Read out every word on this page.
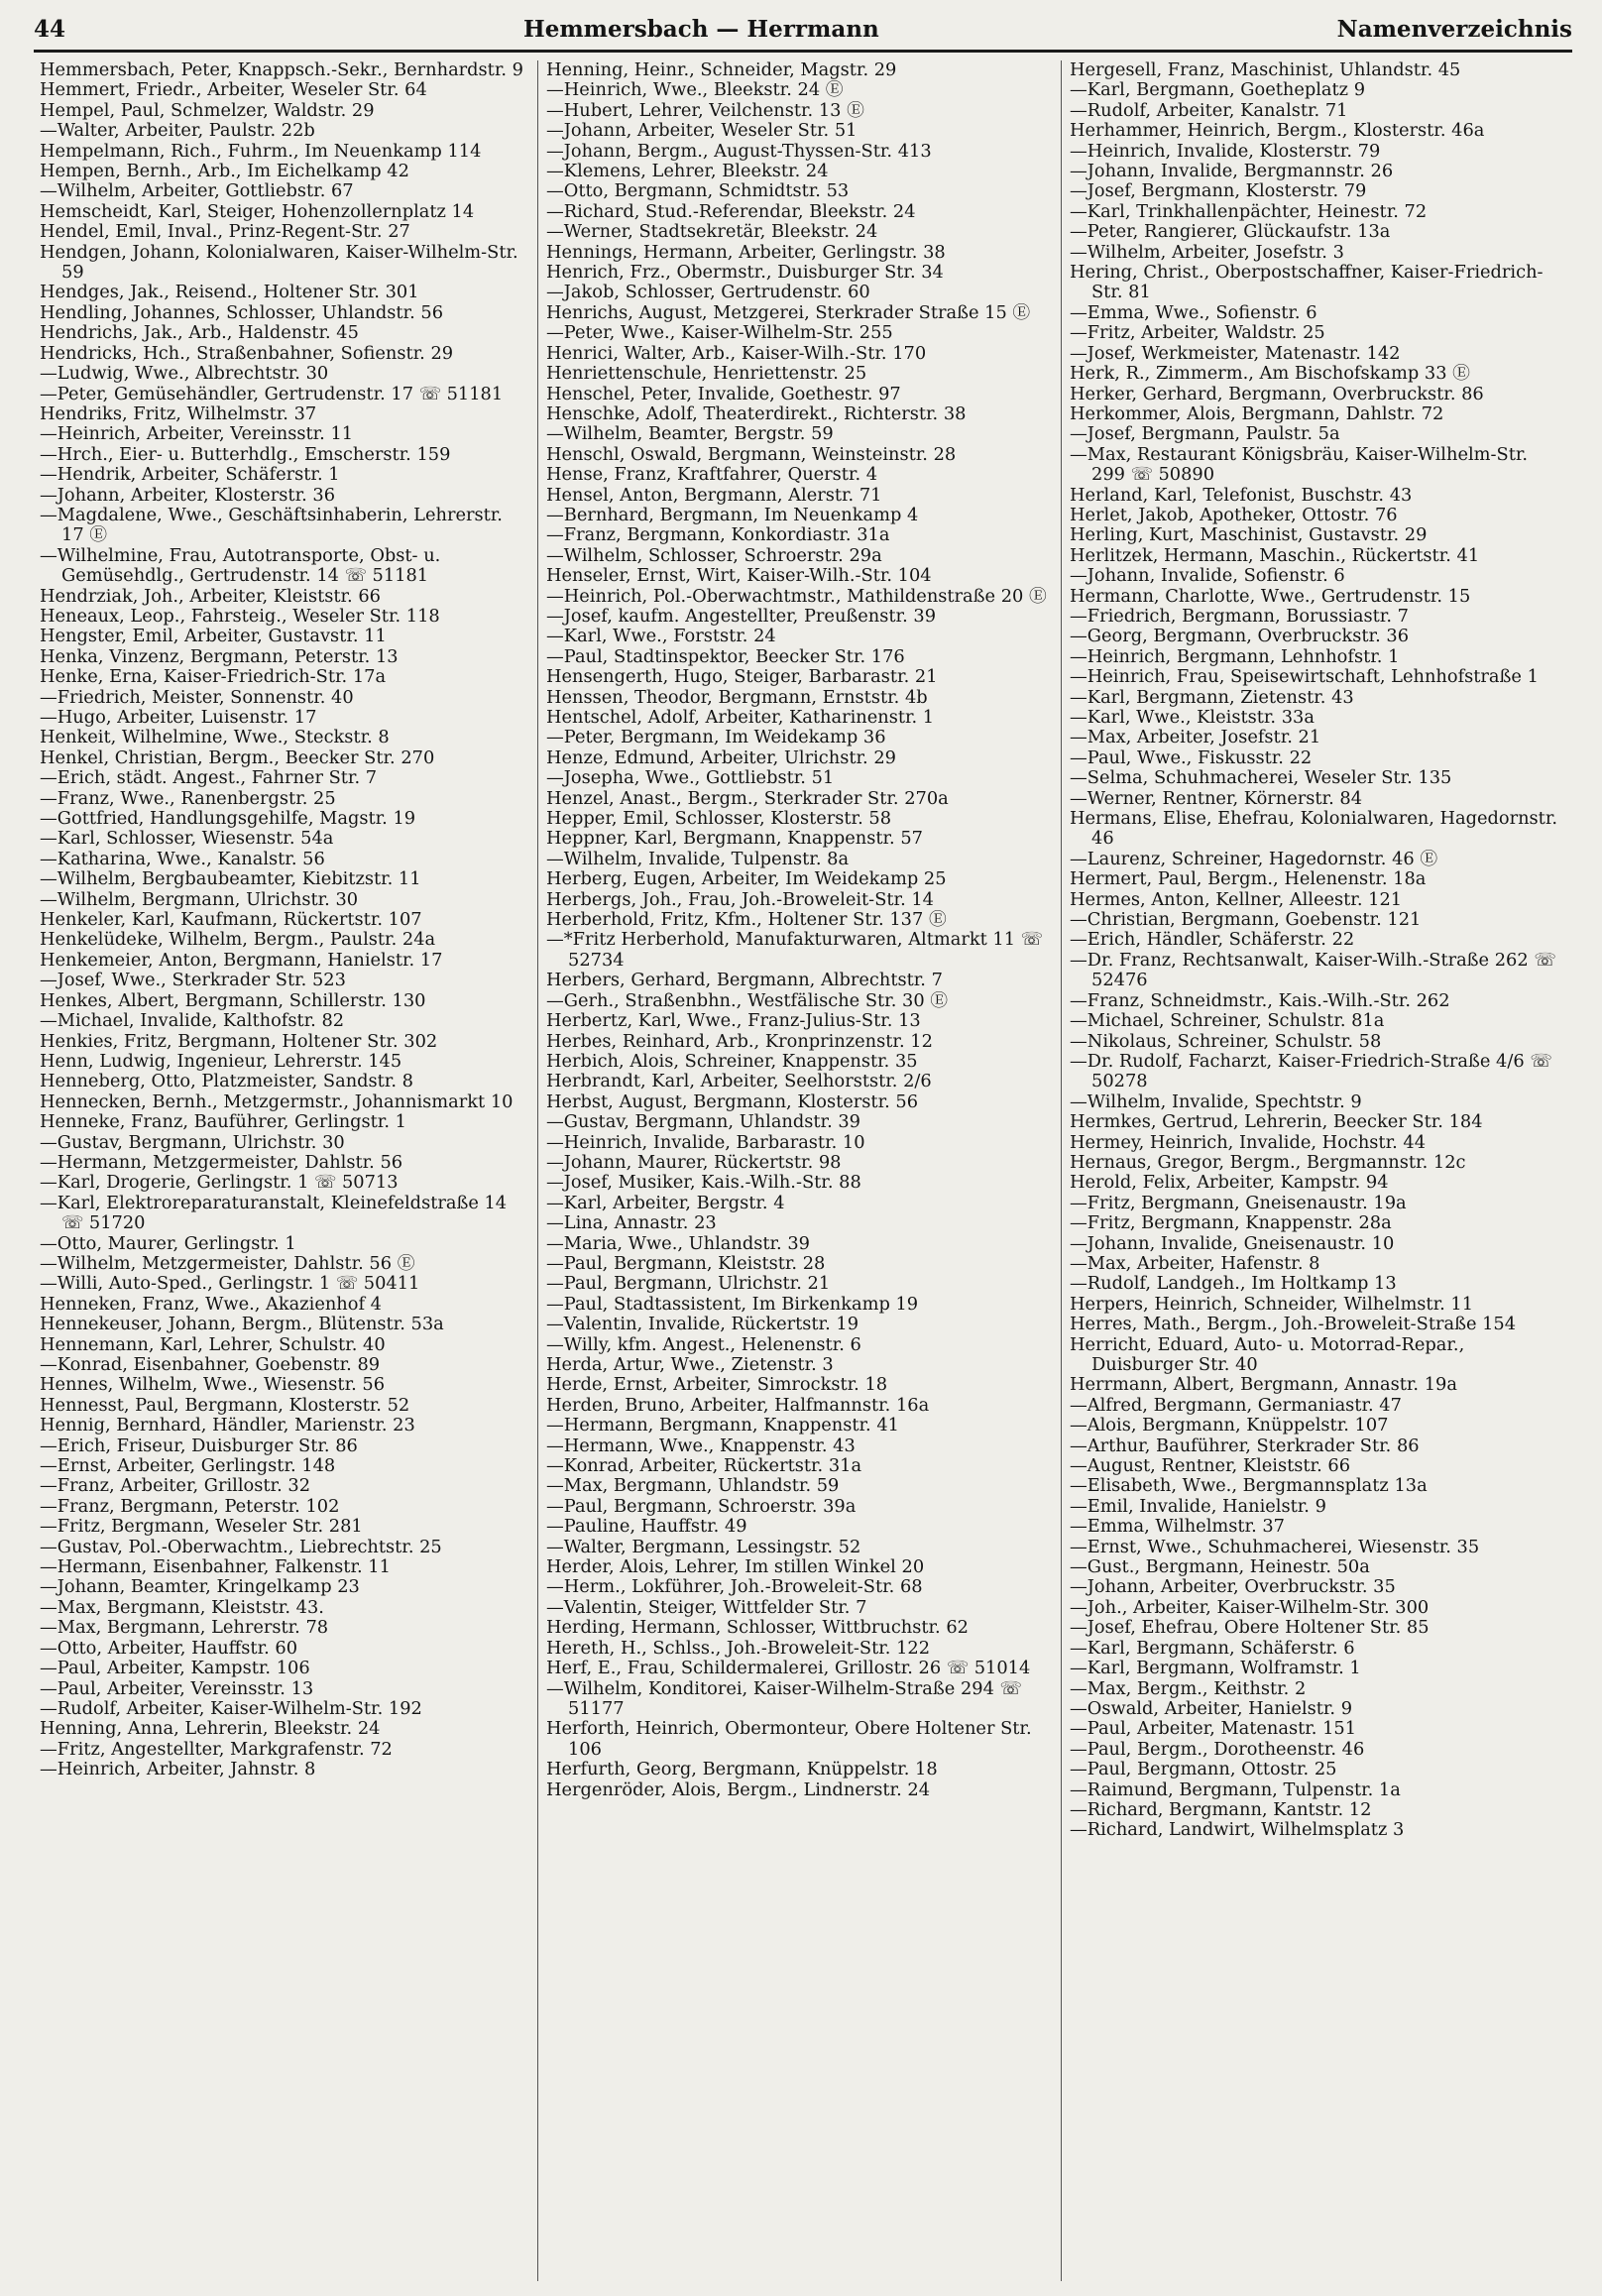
44	Hemmersbach — Herrmann	Namenverzeichnis
Hemmersbach, Peter, Knappsch.-Sekr., Bernhardstr. 9
Hemmert, Friedr., Arbeiter, Weseler Str. 64
Hempel, Paul, Schmelzer, Waldstr. 29
—Walter, Arbeiter, Paulstr. 22b
Hempelmann, Rich., Fuhrm., Im Neuenkamp 114
Hempen, Bernh., Arb., Im Eichelkamp 42
—Wilhelm, Arbeiter, Gottliebstr. 67
Hemscheidt, Karl, Steiger, Hohenzollernplatz 14
Hendel, Emil, Inval., Prinz-Regent-Str. 27
Hendgen, Johann, Kolonialwaren, Kaiser-Wilhelm-Str. 59
Hendges, Jak., Reisend., Holtener Str. 301
Hendling, Johannes, Schlosser, Uhlandstr. 56
Hendrichs, Jak., Arb., Haldenstr. 45
Hendricks, Hch., Straßenbahner, Sofienstr. 29
—Ludwig, Wwe., Albrechtstr. 30
—Peter, Gemüsehändler, Gertrudenstr. 17 ☏ 51181
Hendriks, Fritz, Wilhelmstr. 37
—Heinrich, Arbeiter, Vereinsstr. 11
—Hrch., Eier- u. Butterhdlg., Emscherstr. 159
—Hendrik, Arbeiter, Schäferstr. 1
—Johann, Arbeiter, Klosterstr. 36
—Magdalene, Wwe., Geschäftsinhaberin, Lehrerstr. 17 Ⓔ
—Wilhelmine, Frau, Autotransporte, Obst- u. Gemüsehdlg., Gertrudenstr. 14 ☏ 51181
Hendrziak, Joh., Arbeiter, Kleiststr. 66
Heneaux, Leop., Fahrsteig., Weseler Str. 118
Hengster, Emil, Arbeiter, Gustavstr. 11
Henka, Vinzenz, Bergmann, Peterstr. 13
Henke, Erna, Kaiser-Friedrich-Str. 17a
—Friedrich, Meister, Sonnenstr. 40
—Hugo, Arbeiter, Luisenstr. 17
Henkeit, Wilhelmine, Wwe., Steckstr. 8
Henkel, Christian, Bergm., Beecker Str. 270
—Erich, städt. Angest., Fahrner Str. 7
—Franz, Wwe., Ranenbergstr. 25
—Gottfried, Handlungsgehilfe, Magstr. 19
—Karl, Schlosser, Wiesenstr. 54a
—Katharina, Wwe., Kanalstr. 56
—Wilhelm, Bergbaubeamter, Kiebitzstr. 11
—Wilhelm, Bergmann, Ulrichstr. 30
Henkeler, Karl, Kaufmann, Rückertstr. 107
Henkelüdeke, Wilhelm, Bergm., Paulstr. 24a
Henkemeier, Anton, Bergmann, Hanielstr. 17
—Josef, Wwe., Sterkrader Str. 523
Henkes, Albert, Bergmann, Schillerstr. 130
—Michael, Invalide, Kalthofstr. 82
Henkies, Fritz, Bergmann, Holtener Str. 302
Henn, Ludwig, Ingenieur, Lehrerstr. 145
Henneberg, Otto, Platzmeister, Sandstr. 8
Hennecken, Bernh., Metzgermstr., Johannismarkt 10
Henneke, Franz, Bauführer, Gerlingstr. 1
—Gustav, Bergmann, Ulrichstr. 30
—Hermann, Metzgermeister, Dahlstr. 56
—Karl, Drogerie, Gerlingstr. 1 ☏ 50713
—Karl, Elektroreparaturanstalt, Kleinefeldstraße 14 ☏ 51720
—Otto, Maurer, Gerlingstr. 1
—Wilhelm, Metzgermeister, Dahlstr. 56 Ⓔ
—Willi, Auto-Sped., Gerlingstr. 1 ☏ 50411
Henneken, Franz, Wwe., Akazienhof 4
Hennekeuser, Johann, Bergm., Blütenstr. 53a
Hennemann, Karl, Lehrer, Schulstr. 40
—Konrad, Eisenbahner, Goebenstr. 89
Hennes, Wilhelm, Wwe., Wiesenstr. 56
Hennesst, Paul, Bergmann, Klosterstr. 52
Hennig, Bernhard, Händler, Marienstr. 23
—Erich, Friseur, Duisburger Str. 86
—Ernst, Arbeiter, Gerlingstr. 148
—Franz, Arbeiter, Grillostr. 32
—Franz, Bergmann, Peterstr. 102
—Fritz, Bergmann, Weseler Str. 281
—Gustav, Pol.-Oberwachtm., Liebrechtstr. 25
—Hermann, Eisenbahner, Falkenstr. 11
—Johann, Beamter, Kringelkamp 23
—Max, Bergmann, Kleiststr. 43.
—Max, Bergmann, Lehrerstr. 78
—Otto, Arbeiter, Hauffstr. 60
—Paul, Arbeiter, Kampstr. 106
—Paul, Arbeiter, Vereinsstr. 13
—Rudolf, Arbeiter, Kaiser-Wilhelm-Str. 192
Henning, Anna, Lehrerin, Bleekstr. 24
—Fritz, Angestellter, Markgrafenstr. 72
—Heinrich, Arbeiter, Jahnstr. 8
Henning, Heinr., Schneider, Magstr. 29
—Heinrich, Wwe., Bleekstr. 24 Ⓔ
—Hubert, Lehrer, Veilchenstr. 13 Ⓔ
—Johann, Arbeiter, Weseler Str. 51
—Johann, Bergm., August-Thyssen-Str. 413
—Klemens, Lehrer, Bleekstr. 24
—Otto, Bergmann, Schmidtstr. 53
—Richard, Stud.-Referendar, Bleekstr. 24
—Werner, Stadtsekretär, Bleekstr. 24
Hennings, Hermann, Arbeiter, Gerlingstr. 38
Henrich, Frz., Obermstr., Duisburger Str. 34
—Jakob, Schlosser, Gertrudenstr. 60
Henrichs, August, Metzgerei, Sterkrader Straße 15 Ⓔ
—Peter, Wwe., Kaiser-Wilhelm-Str. 255
Henrici, Walter, Arb., Kaiser-Wilh.-Str. 170
Henriettenschule, Henriettenstr. 25
Henschel, Peter, Invalide, Goethestr. 97
Henschke, Adolf, Theaterdirekt., Richterstr. 38
—Wilhelm, Beamter, Bergstr. 59
Henschl, Oswald, Bergmann, Weinsteinstr. 28
Hense, Franz, Kraftfahrer, Querstr. 4
Hensel, Anton, Bergmann, Alerstr. 71
—Bernhard, Bergmann, Im Neuenkamp 4
—Franz, Bergmann, Konkordiastr. 31a
—Wilhelm, Schlosser, Schroerstr. 29a
Henseler, Ernst, Wirt, Kaiser-Wilh.-Str. 104
—Heinrich, Pol.-Oberwachtmstr., Mathildenstraße 20 Ⓔ
—Josef, kaufm. Angestellter, Preußenstr. 39
—Karl, Wwe., Forststr. 24
—Paul, Stadtinspektor, Beecker Str. 176
Hensengerth, Hugo, Steiger, Barbarastr. 21
Henssen, Theodor, Bergmann, Ernststr. 4b
Hentschel, Adolf, Arbeiter, Katharinenstr. 1
—Peter, Bergmann, Im Weidekamp 36
Henze, Edmund, Arbeiter, Ulrichstr. 29
—Josepha, Wwe., Gottliebstr. 51
Henzel, Anast., Bergm., Sterkrader Str. 270a
Hepper, Emil, Schlosser, Klosterstr. 58
Heppner, Karl, Bergmann, Knappenstr. 57
—Wilhelm, Invalide, Tulpenstr. 8a
Herberg, Eugen, Arbeiter, Im Weidekamp 25
Herbergs, Joh., Frau, Joh.-Broweleit-Str. 14
Herberhold, Fritz, Kfm., Holtener Str. 137 Ⓔ
—*Fritz Herberhold, Manufakturwaren, Altmarkt 11 ☏ 52734
Herbers, Gerhard, Bergmann, Albrechtstr. 7
—Gerh., Straßenbhn., Westfälische Str. 30 Ⓔ
Herbertz, Karl, Wwe., Franz-Julius-Str. 13
Herbes, Reinhard, Arb., Kronprinzenstr. 12
Herbich, Alois, Schreiner, Knappenstr. 35
Herbrandt, Karl, Arbeiter, Seelhorststr. 2/6
Herbst, August, Bergmann, Klosterstr. 56
—Gustav, Bergmann, Uhlandstr. 39
—Heinrich, Invalide, Barbarastr. 10
—Johann, Maurer, Rückertstr. 98
—Josef, Musiker, Kais.-Wilh.-Str. 88
—Karl, Arbeiter, Bergstr. 4
—Lina, Annastr. 23
—Maria, Wwe., Uhlandstr. 39
—Paul, Bergmann, Kleiststr. 28
—Paul, Bergmann, Ulrichstr. 21
—Paul, Stadtassistent, Im Birkenkamp 19
—Valentin, Invalide, Rückertstr. 19
—Willy, kfm. Angest., Helenenstr. 6
Herda, Artur, Wwe., Zietenstr. 3
Herde, Ernst, Arbeiter, Simrockstr. 18
Herden, Bruno, Arbeiter, Halfmannstr. 16a
—Hermann, Bergmann, Knappenstr. 41
—Hermann, Wwe., Knappenstr. 43
—Konrad, Arbeiter, Rückertstr. 31a
—Max, Bergmann, Uhlandstr. 59
—Paul, Bergmann, Schroerstr. 39a
—Pauline, Hauffstr. 49
—Walter, Bergmann, Lessingstr. 52
Herder, Alois, Lehrer, Im stillen Winkel 20
—Herm., Lokführer, Joh.-Broweleit-Str. 68
—Valentin, Steiger, Wittfelder Str. 7
Herding, Hermann, Schlosser, Wittbruchstr. 62
Hereth, H., Schlss., Joh.-Broweleit-Str. 122
Herf, E., Frau, Schildermalerei, Grillostr. 26 ☏ 51014
—Wilhelm, Konditorei, Kaiser-Wilhelm-Straße 294 ☏ 51177
Herforth, Heinrich, Obermonteur, Obere Holtener Str. 106
Herfurth, Georg, Bergmann, Knüppelstr. 18
Hergenröder, Alois, Bergm., Lindnerstr. 24
Hergesell, Franz, Maschinist, Uhlandstr. 45
—Karl, Bergmann, Goetheplatz 9
—Rudolf, Arbeiter, Kanalstr. 71
Herhammer, Heinrich, Bergm., Klosterstr. 46a
—Heinrich, Invalide, Klosterstr. 79
—Johann, Invalide, Bergmannstr. 26
—Josef, Bergmann, Klosterstr. 79
—Karl, Trinkhallenpächter, Heinestr. 72
—Peter, Rangierer, Glückaufstr. 13a
—Wilhelm, Arbeiter, Josefstr. 3
Hering, Christ., Oberpostschaffner, Kaiser-Friedrich-Str. 81
—Emma, Wwe., Sofienstr. 6
—Fritz, Arbeiter, Waldstr. 25
—Josef, Werkmeister, Matenastr. 142
Herk, R., Zimmerm., Am Bischofskamp 33 Ⓔ
Herker, Gerhard, Bergmann, Overbruckstr. 86
Herkommer, Alois, Bergmann, Dahlstr. 72
—Josef, Bergmann, Paulstr. 5a
—Max, Restaurant Königsbräu, Kaiser-Wilhelm-Str. 299 ☏ 50890
Herland, Karl, Telefonist, Buschstr. 43
Herlet, Jakob, Apotheker, Ottostr. 76
Herling, Kurt, Maschinist, Gustavstr. 29
Herlitzek, Hermann, Maschin., Rückertstr. 41
—Johann, Invalide, Sofienstr. 6
Hermann, Charlotte, Wwe., Gertrudenstr. 15
—Friedrich, Bergmann, Borussiastr. 7
—Georg, Bergmann, Overbruckstr. 36
—Heinrich, Bergmann, Lehnhofstr. 1
—Heinrich, Frau, Speisewirtschaft, Lehnhofstraße 1
—Karl, Bergmann, Zietenstr. 43
—Karl, Wwe., Kleiststr. 33a
—Max, Arbeiter, Josefstr. 21
—Paul, Wwe., Fiskusstr. 22
—Selma, Schuhmacherei, Weseler Str. 135
—Werner, Rentner, Körnerstr. 84
Hermans, Elise, Ehefrau, Kolonialwaren, Hagedornstr. 46
—Laurenz, Schreiner, Hagedornstr. 46 Ⓔ
Hermert, Paul, Bergm., Helenenstr. 18a
Hermes, Anton, Kellner, Alleestr. 121
—Christian, Bergmann, Goebenstr. 121
—Erich, Händler, Schäferstr. 22
—Dr. Franz, Rechtsanwalt, Kaiser-Wilh.-Straße 262 ☏ 52476
—Franz, Schneidmstr., Kais.-Wilh.-Str. 262
—Michael, Schreiner, Schulstr. 81a
—Nikolaus, Schreiner, Schulstr. 58
—Dr. Rudolf, Facharzt, Kaiser-Friedrich-Straße 4/6 ☏ 50278
—Wilhelm, Invalide, Spechtstr. 9
Hermkes, Gertrud, Lehrerin, Beecker Str. 184
Hermey, Heinrich, Invalide, Hochstr. 44
Hernaus, Gregor, Bergm., Bergmannstr. 12c
Herold, Felix, Arbeiter, Kampstr. 94
—Fritz, Bergmann, Gneisenaustr. 19a
—Fritz, Bergmann, Knappenstr. 28a
—Johann, Invalide, Gneisenaustr. 10
—Max, Arbeiter, Hafenstr. 8
—Rudolf, Landgeh., Im Holtkamp 13
Herpers, Heinrich, Schneider, Wilhelmstr. 11
Herres, Math., Bergm., Joh.-Broweleit-Straße 154
Herricht, Eduard, Auto- u. Motorrad-Repar., Duisburger Str. 40
Herrmann, Albert, Bergmann, Annastr. 19a
—Alfred, Bergmann, Germaniastr. 47
—Alois, Bergmann, Knüppelstr. 107
—Arthur, Bauführer, Sterkrader Str. 86
—August, Rentner, Kleiststr. 66
—Elisabeth, Wwe., Bergmannsplatz 13a
—Emil, Invalide, Hanielstr. 9
—Emma, Wilhelmstr. 37
—Ernst, Wwe., Schuhmacherei, Wiesenstr. 35
—Gust., Bergmann, Heinestr. 50a
—Johann, Arbeiter, Overbruckstr. 35
—Joh., Arbeiter, Kaiser-Wilhelm-Str. 300
—Josef, Ehefrau, Obere Holtener Str. 85
—Karl, Bergmann, Schäferstr. 6
—Karl, Bergmann, Wolframstr. 1
—Max, Bergm., Keithstr. 2
—Oswald, Arbeiter, Hanielstr. 9
—Paul, Arbeiter, Matenastr. 151
—Paul, Bergm., Dorotheenstr. 46
—Paul, Bergmann, Ottostr. 25
—Raimund, Bergmann, Tulpenstr. 1a
—Richard, Bergmann, Kantstr. 12
—Richard, Landwirt, Wilhelmsplatz 3
